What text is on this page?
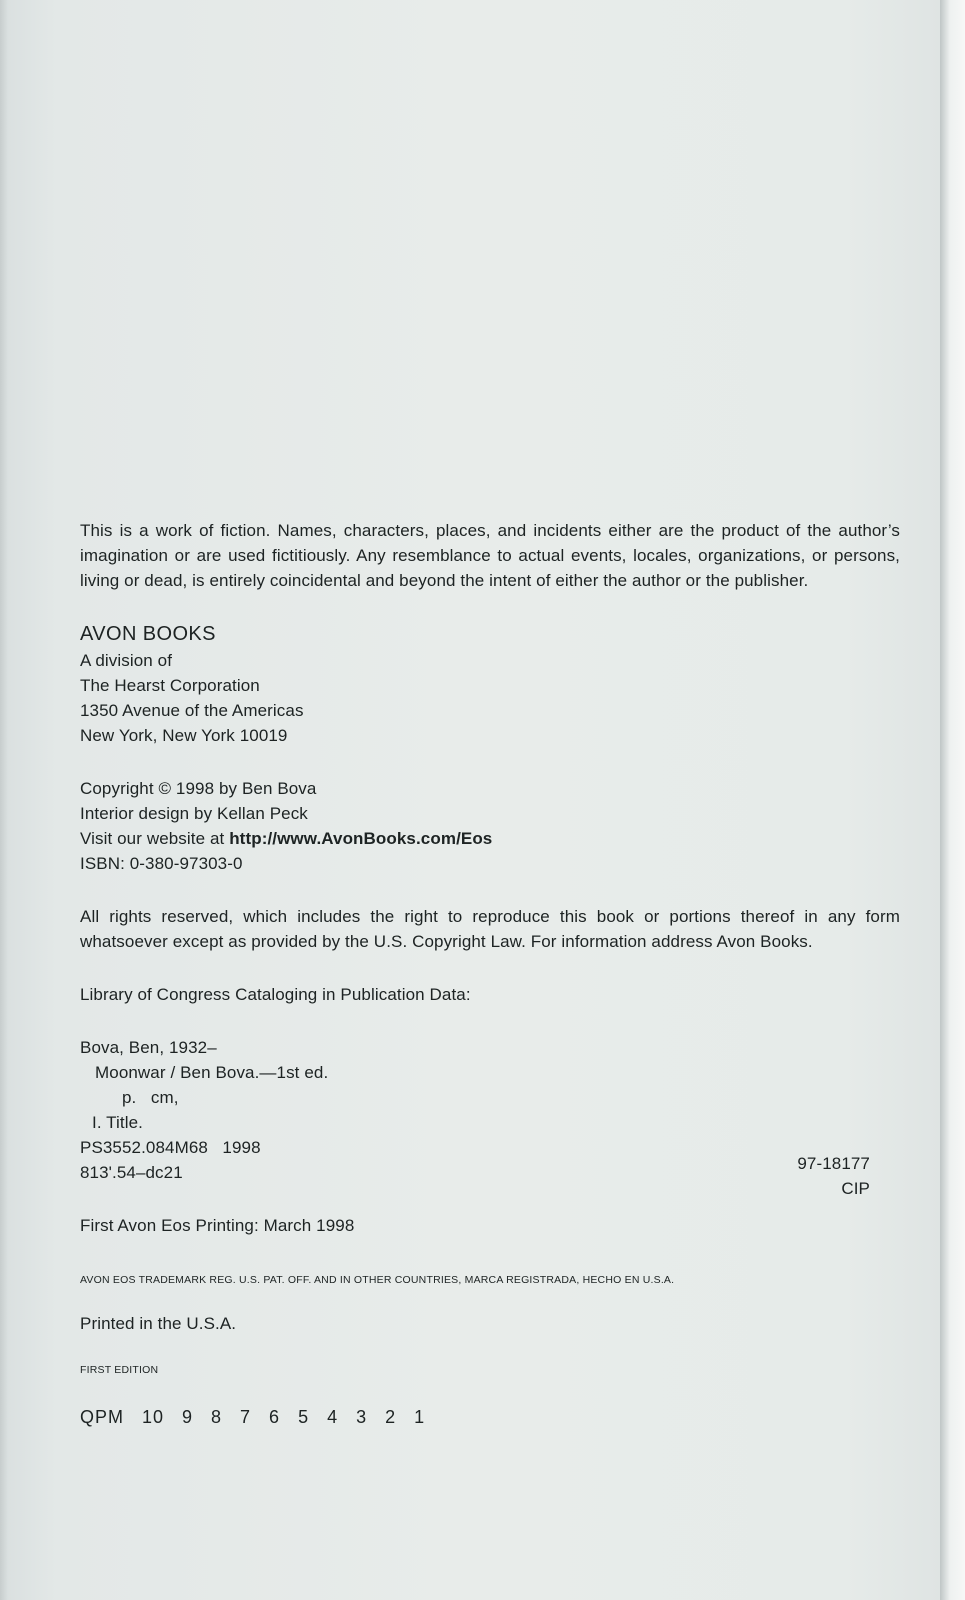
This is a work of fiction. Names, characters, places, and incidents either are the product of the author’s imagination or are used fictitiously. Any resemblance to actual events, locales, organizations, or persons, living or dead, is entirely coincidental and beyond the intent of either the author or the publisher.

AVON BOOKS
A division of
The Hearst Corporation
1350 Avenue of the Americas
New York, New York 10019
Copyright © 1998 by Ben Bova
Interior design by Kellan Peck
Visit our website at http://www.AvonBooks.com/Eos
ISBN: 0-380-97303-0

All rights reserved, which includes the right to reproduce this book or portions thereof in any form whatsoever except as provided by the U.S. Copyright Law. For information address Avon Books.

Library of Congress Cataloging in Publication Data:
Bova, Ben, 1932–
Moonwar / Ben Bova.—1st ed.
p.   cm,
I. Title.
PS3552.084M68   1998
813'.54–dc21	97-18177
CIP
First Avon Eos Printing: March 1998
AVON EOS TRADEMARK REG. U.S. PAT. OFF. AND IN OTHER COUNTRIES, MARCA REGISTRADA, HECHO EN U.S.A.
Printed in the U.S.A.
FIRST EDITION
QPM 10 9 8 7 6 5 4 3 2 1
